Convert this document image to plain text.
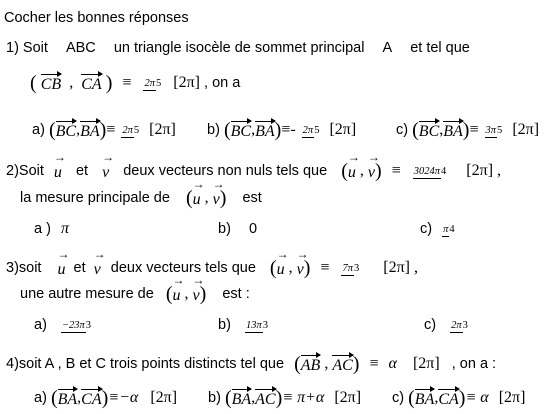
Cocher les bonnes réponses
1) Soit ABC un triangle isocèle de sommet principal A et tel que
( CB  ,  CA ) ≡ 2π5 [2π] , on a
a) (BC,BA)≡ 2π5 [2π] b) (BC,BA)≡- 2π5 [2π]	c) (BC,BA)≡ 3π5 [2π]
2)Soit u → et v → deux vecteurs non nuls tels que (u → , v →) ≡ 3024π4 [2π] ,
la mesure principale de (u → , v →) est
a ) π	b) 0	c) π4
3)soit u → et v → deux vecteurs tels que (u → , v →) ≡ 7π3 [2π] ,
une autre mesure de (u → , v →) est :
a) −23π3	b) 13π3	c) 2π3
4)soit A , B et C trois points distincts tel que (AB , AC) ≡ α [2π] , on a :
a) (BA,CA)≡−α [2π] b) (BA,AC)≡ π+α [2π] c) (BA,CA)≡ α [2π]
